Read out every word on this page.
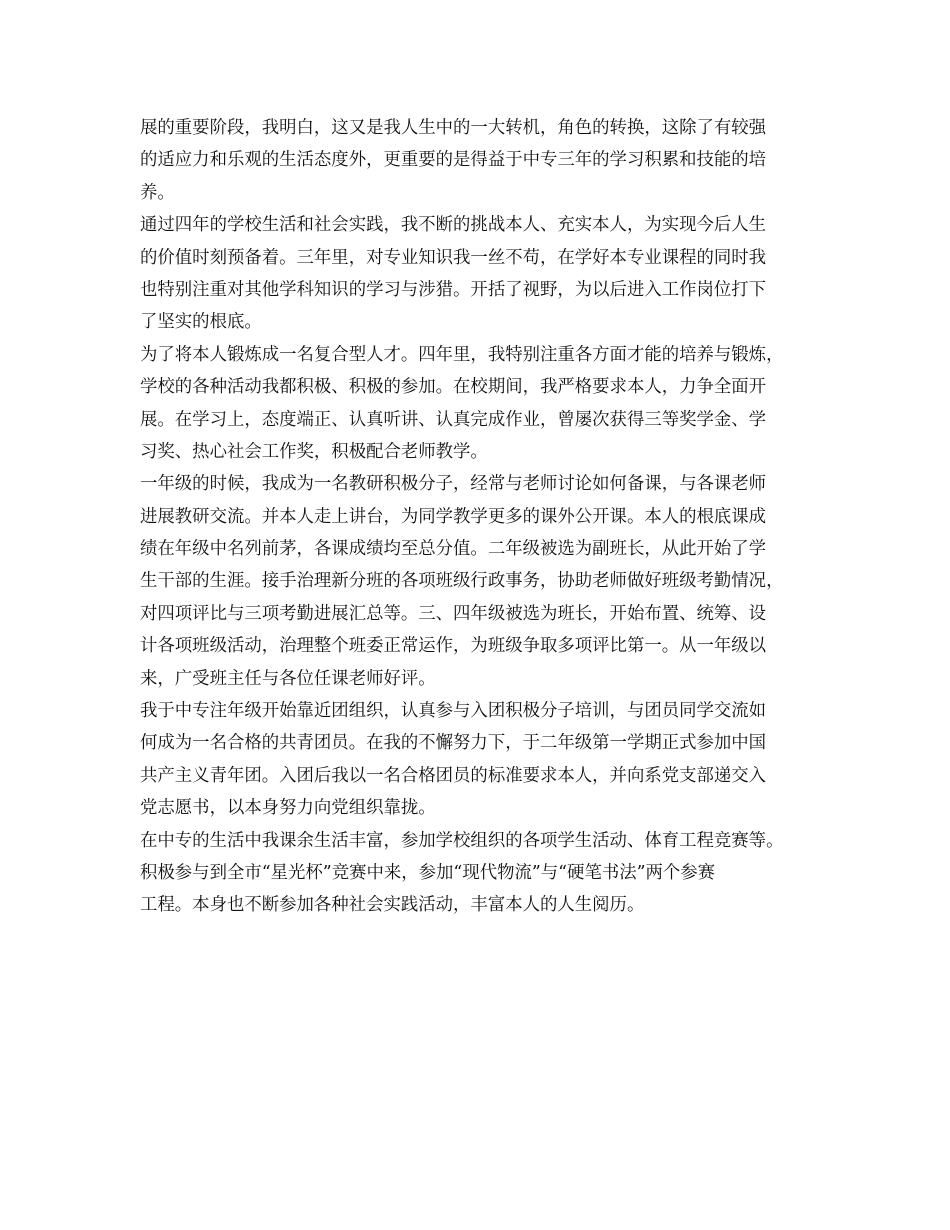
展的重要阶段，我明白，这又是我人生中的一大转机，角色的转换，这除了有较强
的适应力和乐观的生活态度外，更重要的是得益于中专三年的学习积累和技能的培
养。
通过四年的学校生活和社会实践，我不断的挑战本人、充实本人，为实现今后人生
的价值时刻预备着。三年里，对专业知识我一丝不苟，在学好本专业课程的同时我
也特别注重对其他学科知识的学习与涉猎。开括了视野，为以后进入工作岗位打下
了坚实的根底。
为了将本人锻炼成一名复合型人才。四年里，我特别注重各方面才能的培养与锻炼，
学校的各种活动我都积极、积极的参加。在校期间，我严格要求本人，力争全面开
展。在学习上，态度端正、认真听讲、认真完成作业，曾屡次获得三等奖学金、学
习奖、热心社会工作奖，积极配合老师教学。
一年级的时候，我成为一名教研积极分子，经常与老师讨论如何备课，与各课老师
进展教研交流。并本人走上讲台，为同学教学更多的课外公开课。本人的根底课成
绩在年级中名列前茅，各课成绩均至总分值。二年级被选为副班长，从此开始了学
生干部的生涯。接手治理新分班的各项班级行政事务，协助老师做好班级考勤情况，
对四项评比与三项考勤进展汇总等。三、四年级被选为班长，开始布置、统筹、设
计各项班级活动，治理整个班委正常运作，为班级争取多项评比第一。从一年级以
来，广受班主任与各位任课老师好评。
我于中专注年级开始靠近团组织，认真参与入团积极分子培训，与团员同学交流如
何成为一名合格的共青团员。在我的不懈努力下，于二年级第一学期正式参加中国
共产主义青年团。入团后我以一名合格团员的标准要求本人，并向系党支部递交入
党志愿书，以本身努力向党组织靠拢。
在中专的生活中我课余生活丰富，参加学校组织的各项学生活动、体育工程竞赛等。
积极参与到全市“星光杯”竞赛中来，参加“现代物流”与“硬笔书法”两个参赛
工程。本身也不断参加各种社会实践活动，丰富本人的人生阅历。
